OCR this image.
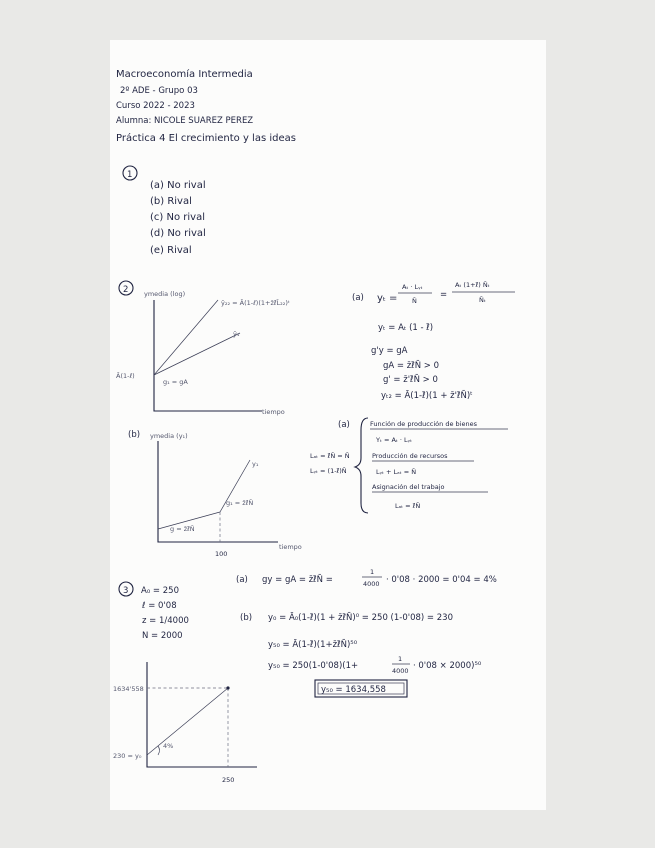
Macroeconomía Intermedia
2º ADE - Grupo 03
Curso 2022 - 2023
Alumna: NICOLE SUAREZ PEREZ
Práctica 4 El crecimiento y las ideas
1
(a) No rival
(b) Rival
(c) No rival
(d) No rival
(e) Rival
2 ymedia (log)
ȳ₂₂ = Ā(1-ℓ)(1+z̄ℓ̄L̄₂₂)ᵗ
ȳ₁
Ā(1-ℓ)
g₁ = gA
tiempo
(a) yₜ =
Aₜ · Lᵧₜ
N̄
=
Aₜ (1+ℓ̄) N̄ₜ
N̄ₜ
yₜ = Aₜ (1 - ℓ̄)
g'y = gA
gA = z̄ℓ̄N̄ > 0
g' = z̄'ℓ̄N̄ > 0
yₜ₂ = Ā(1-ℓ̄)(1 + z̄'ℓ̄N̄)ᵗ
(b) ymedia (y₁)
y₁
g₁ = z̄ℓ̄N̄
g = z̄ℓ̄N̄
100
tiempo
(a)
Lₐₜ = ℓ̄N̄ = N̄
Lᵧₜ = (1-ℓ̄)N̄
Función de producción de bienes
Yₜ = Aₜ · Lᵧₜ
Producción de recursos
Lᵧₜ + Lₐₜ = N̄
Asignación del trabajo
Lₐₜ = ℓ̄N̄
3 A₀ = 250
ℓ = 0'08
z = 1/4000
N = 2000
(a) gy = gA = z̄ℓ̄N̄ =
1
4000 · 0'08 · 2000 = 0'04 = 4%
(b) y₀ = Ā₀(1-ℓ̄)(1 + z̄ℓ̄N̄)⁰ = 250 (1-0'08) = 230
y₅₀ = Ā(1-ℓ̄)(1+z̄ℓ̄N̄)⁵⁰
y₅₀ = 250(1-0'08)(1+
1
4000 · 0'08 × 2000)⁵⁰
y₅₀ = 1634,558
1634'558
230 = y₀
4%
250
